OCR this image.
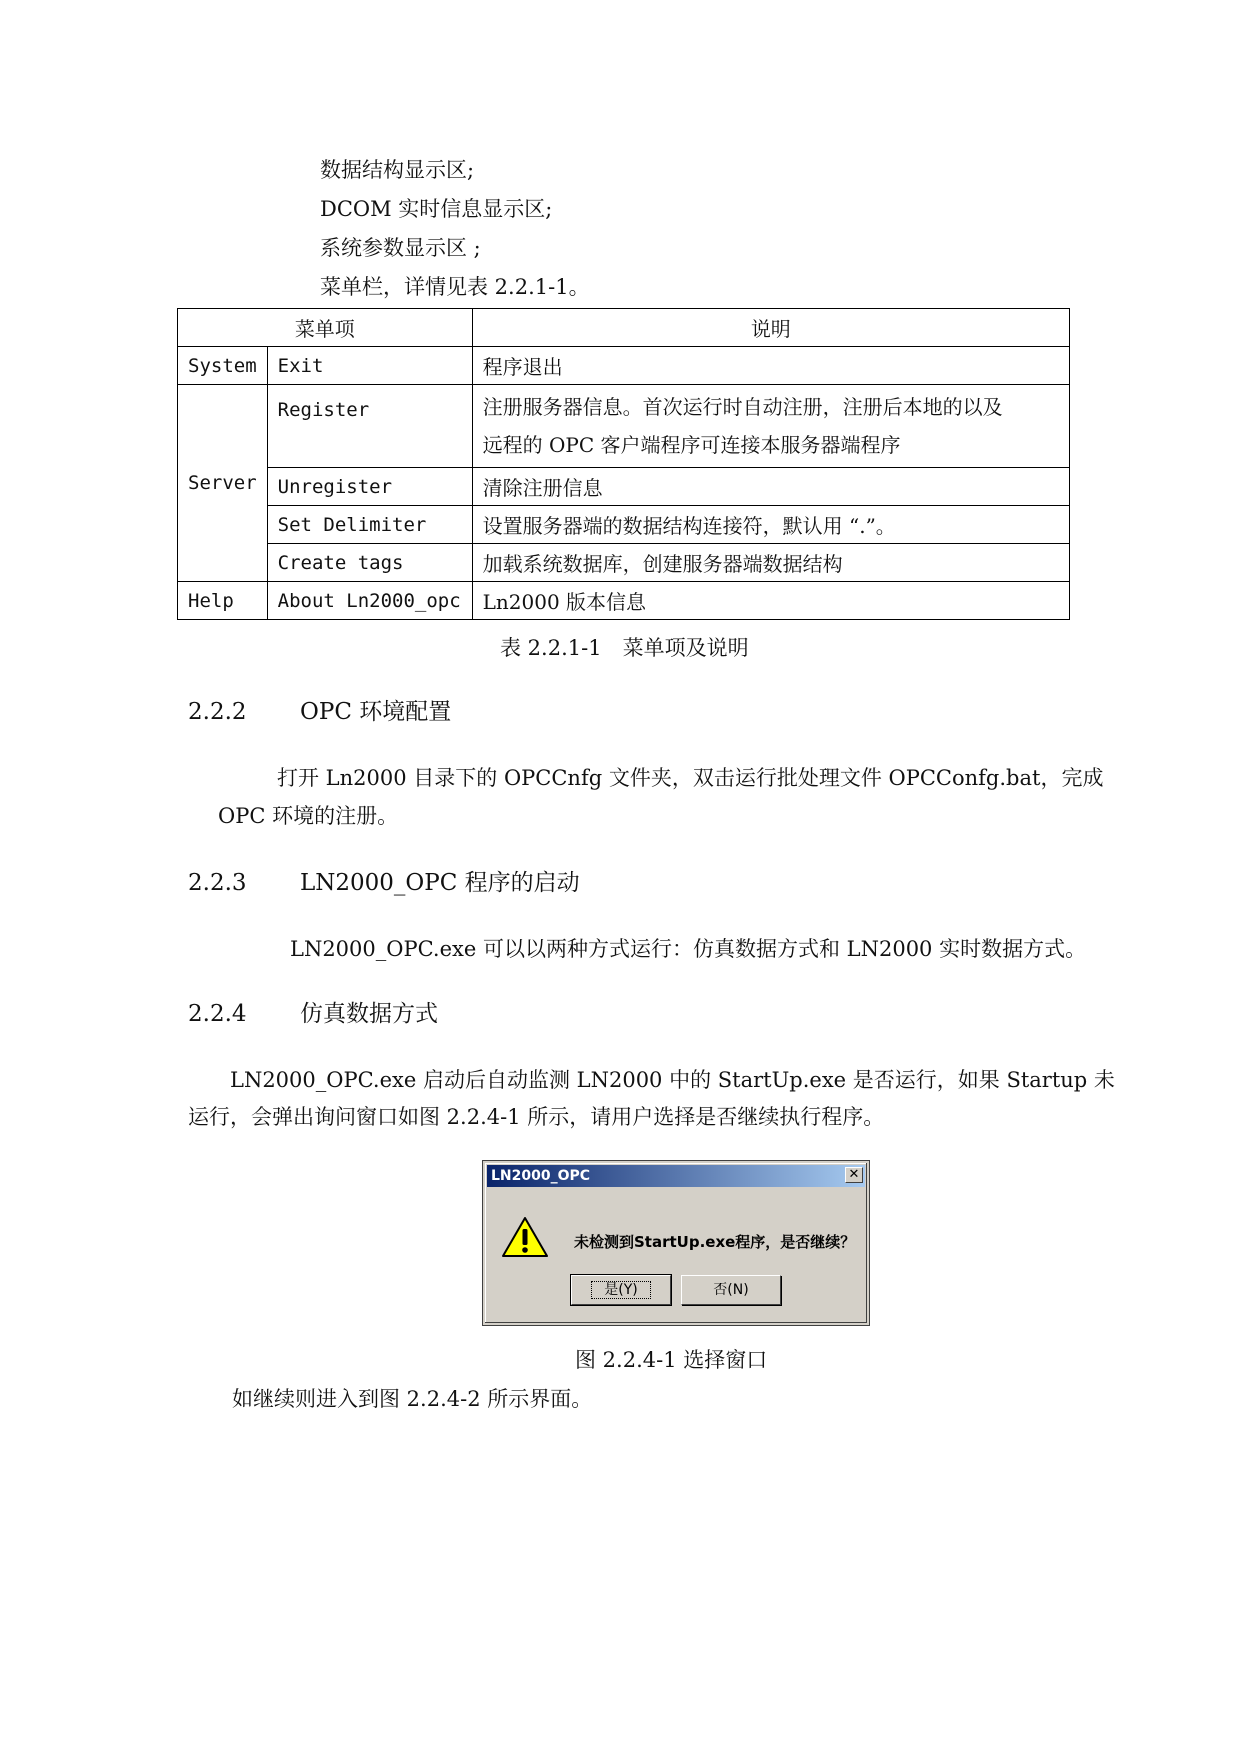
数据结构显示区;
DCOM 实时信息显示区;
系统参数显示区 ;
菜单栏，详情见表 2.2.1-1。
菜单项		说明
System	Exit	程序退出
Server	Register	注册服务器信息。首次运行时自动注册，注册后本地的以及
远程的 OPC 客户端程序可连接本服务器端程序

	Unregister	清除注册信息
	Set Delimiter	设置服务器端的数据结构连接符，默认用 “.”。
	Create tags	加载系统数据库，创建服务器端数据结构
Help	About Ln2000_opc	Ln2000 版本信息
表 2.2.1-1　菜单项及说明
2.2.2 OPC 环境配置
打开 Ln2000 目录下的 OPCCnfg 文件夹，双击运行批处理文件 OPCConfg.bat，完成
OPC 环境的注册。
2.2.3 LN2000_OPC 程序的启动
LN2000_OPC.exe 可以以两种方式运行：仿真数据方式和 LN2000 实时数据方式。
2.2.4 仿真数据方式
LN2000_OPC.exe 启动后自动监测 LN2000 中的 StartUp.exe 是否运行，如果 Startup 未
运行，会弹出询问窗口如图 2.2.4-1 所示，请用户选择是否继续执行程序。
LN2000_OPC	✕
未检测到StartUp.exe程序，是否继续？
是(Y)	否(N)
图 2.2.4-1 选择窗口
如继续则进入到图 2.2.4-2 所示界面。
